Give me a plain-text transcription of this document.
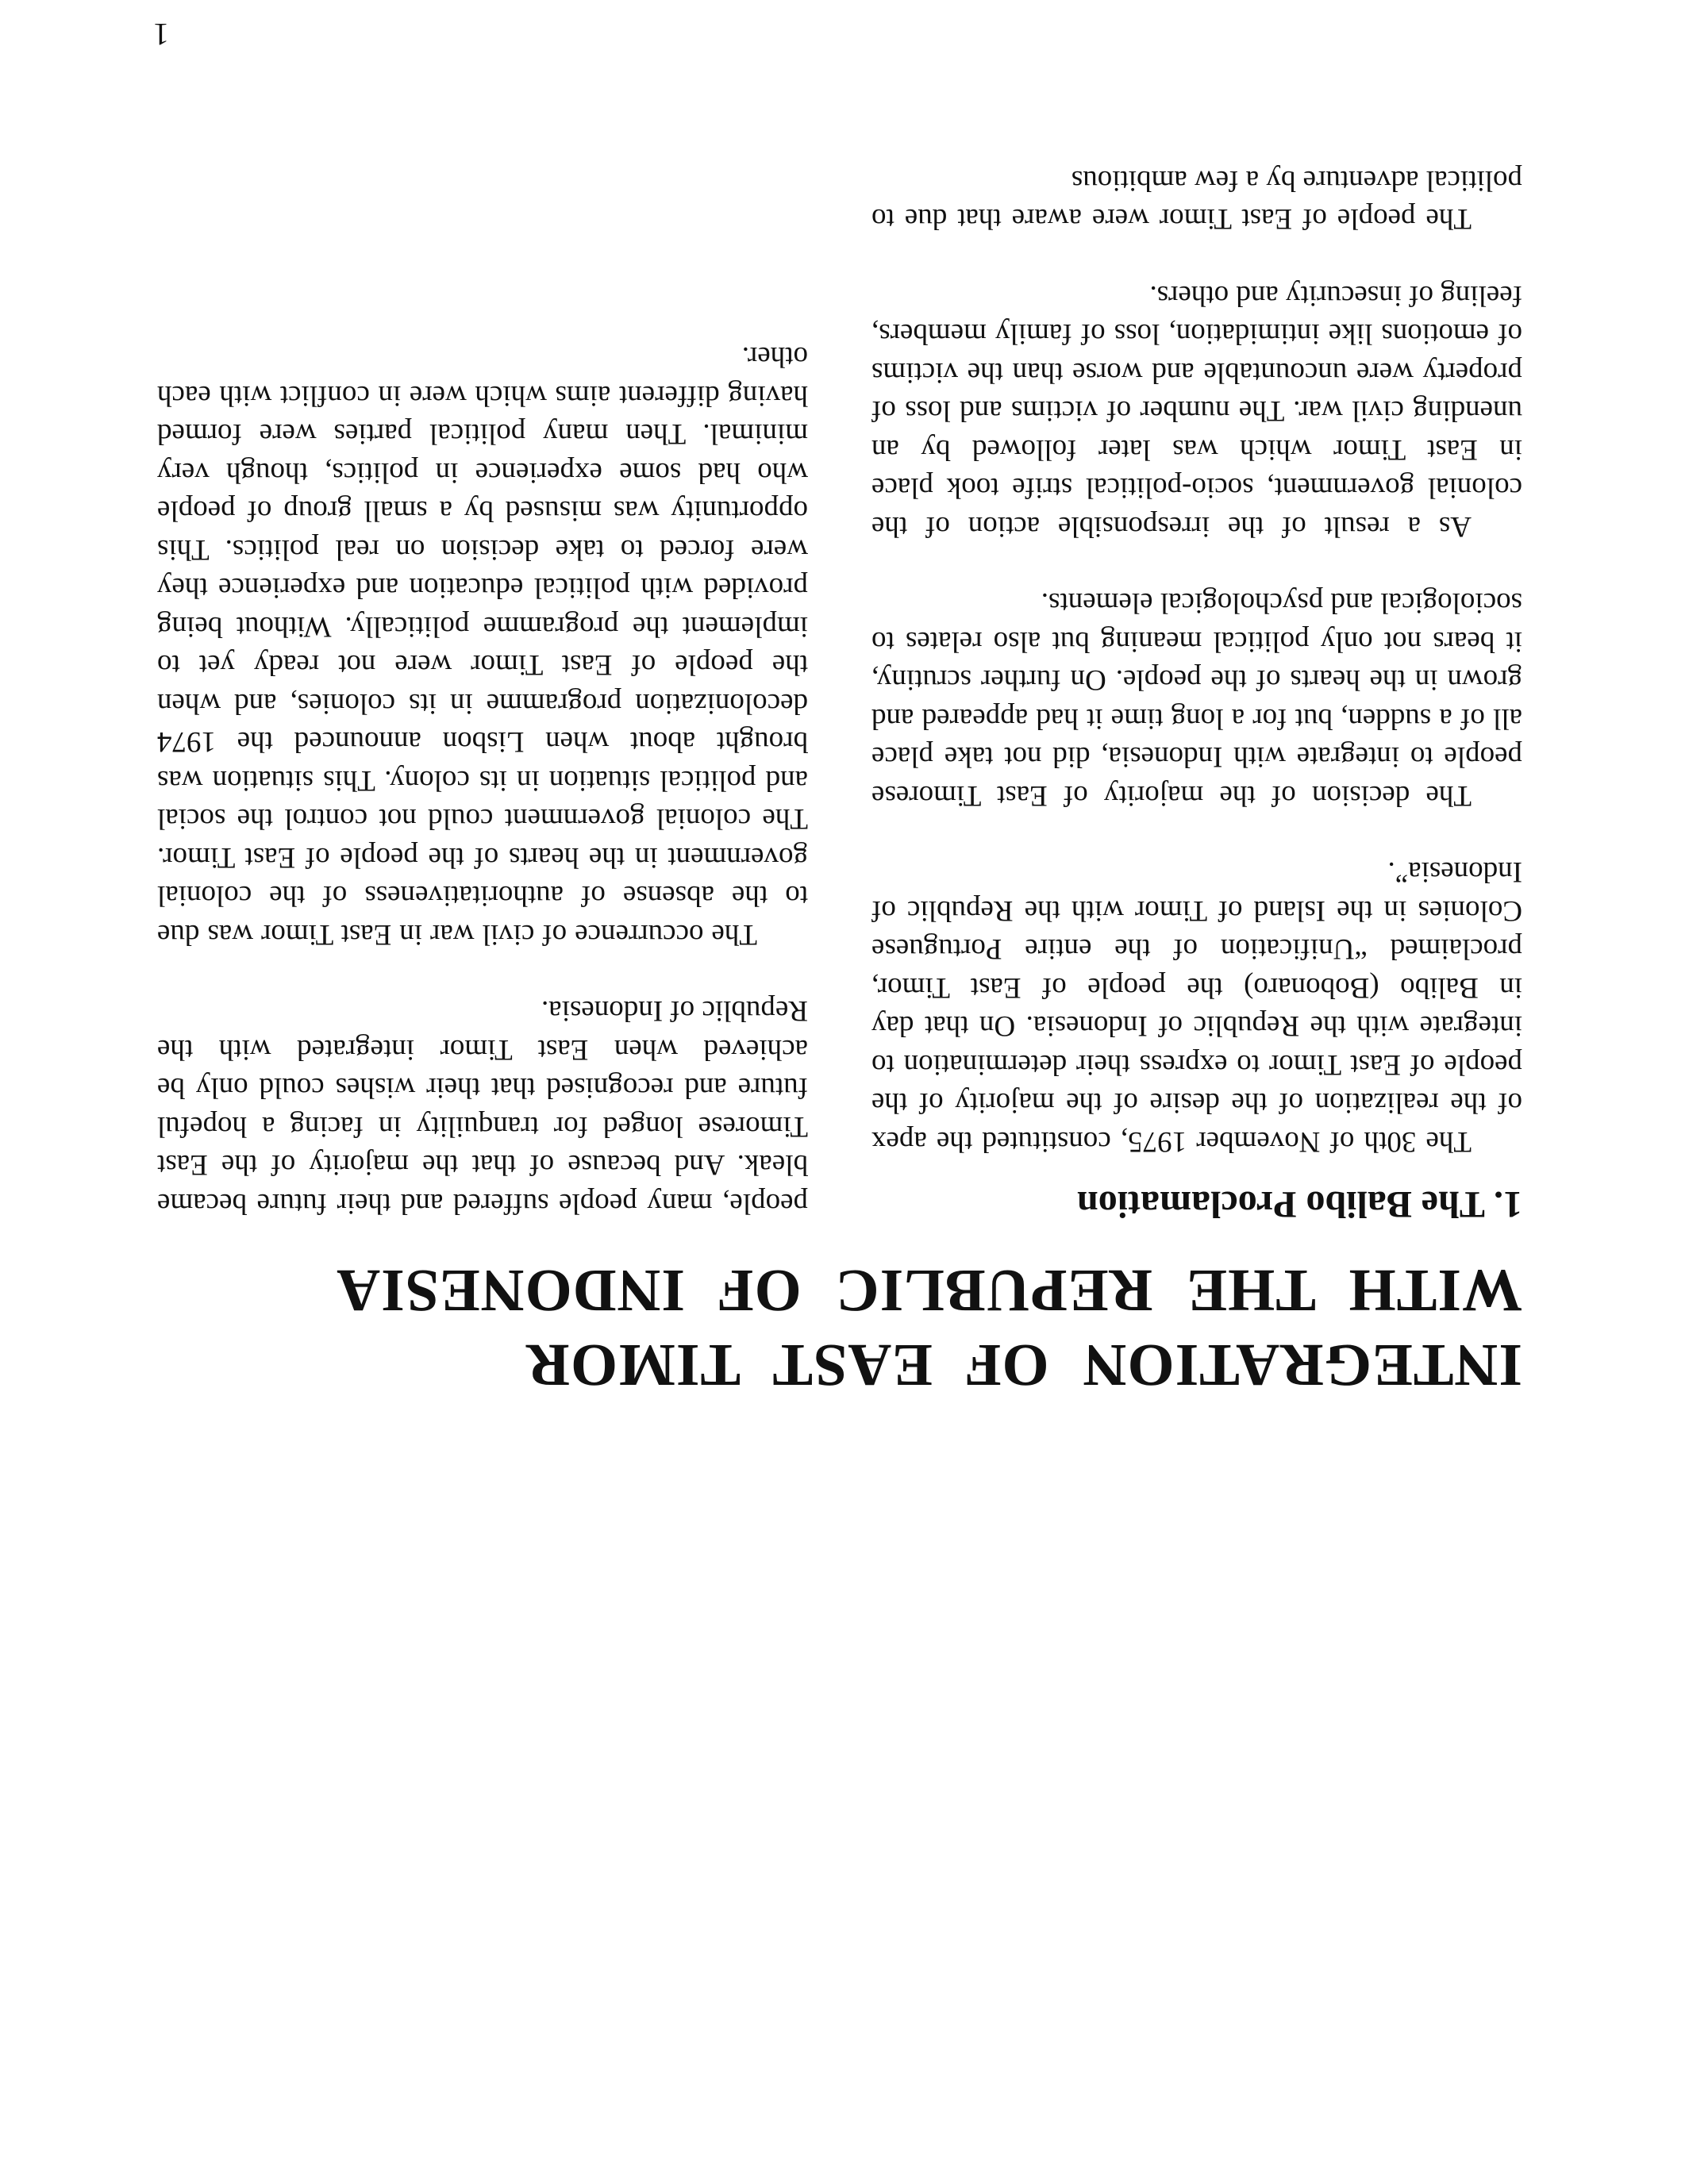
INTEGRATION OF EAST TIMOR
WITH THE REPUBLIC OF INDONESIA
1. The Balibo Proclamation

The 30th of November 1975, constituted the apex of the realization of the desire of the majority of the people of East Timor to express their determination to integrate with the Republic of Indonesia. On that day in Balibo (Bobonaro) the people of East Timor, proclaimed “Unification of the entire Portuguese Colonies in the Island of Timor with the Republic of Indonesia”.

The decision of the majority of East Timorese people to integrate with Indonesia, did not take place all of a sudden, but for a long time it had appeared and grown in the hearts of the people. On further scrutiny, it bears not only political meaning but also relates to sociological and psychological elements.

As a result of the irresponsible action of the colonial government, socio-political strife took place in East Timor which was later followed by an unending civil war. The number of victims and loss of property were uncountable and worse than the victims of emotions like intimidation, loss of family members, feeling of insecurity and others.

The people of East Timor were aware that due to political adventure by a few ambitious

people, many people suffered and their future became bleak. And because of that the majority of the East Timorese longed for tranquility in facing a hopeful future and recognised that their wishes could only be achieved when East Timor integrated with the Republic of Indonesia.

The occurrence of civil war in East Timor was due to the absense of authoritativeness of the colonial government in the hearts of the people of East Timor. The colonial government could not control the social and political situation in its colony. This situation was brought about when Lisbon announced the 1974 decolonization programme in its colonies, and when the people of East Timor were not ready yet to implement the programme politically. Without being provided with political education and experience they were forced to take decision on real politics. This opportunity was misused by a small group of people who had some experience in politics, though very minimal. Then many political parties were formed having different aims which were in conflict with each other.

1
